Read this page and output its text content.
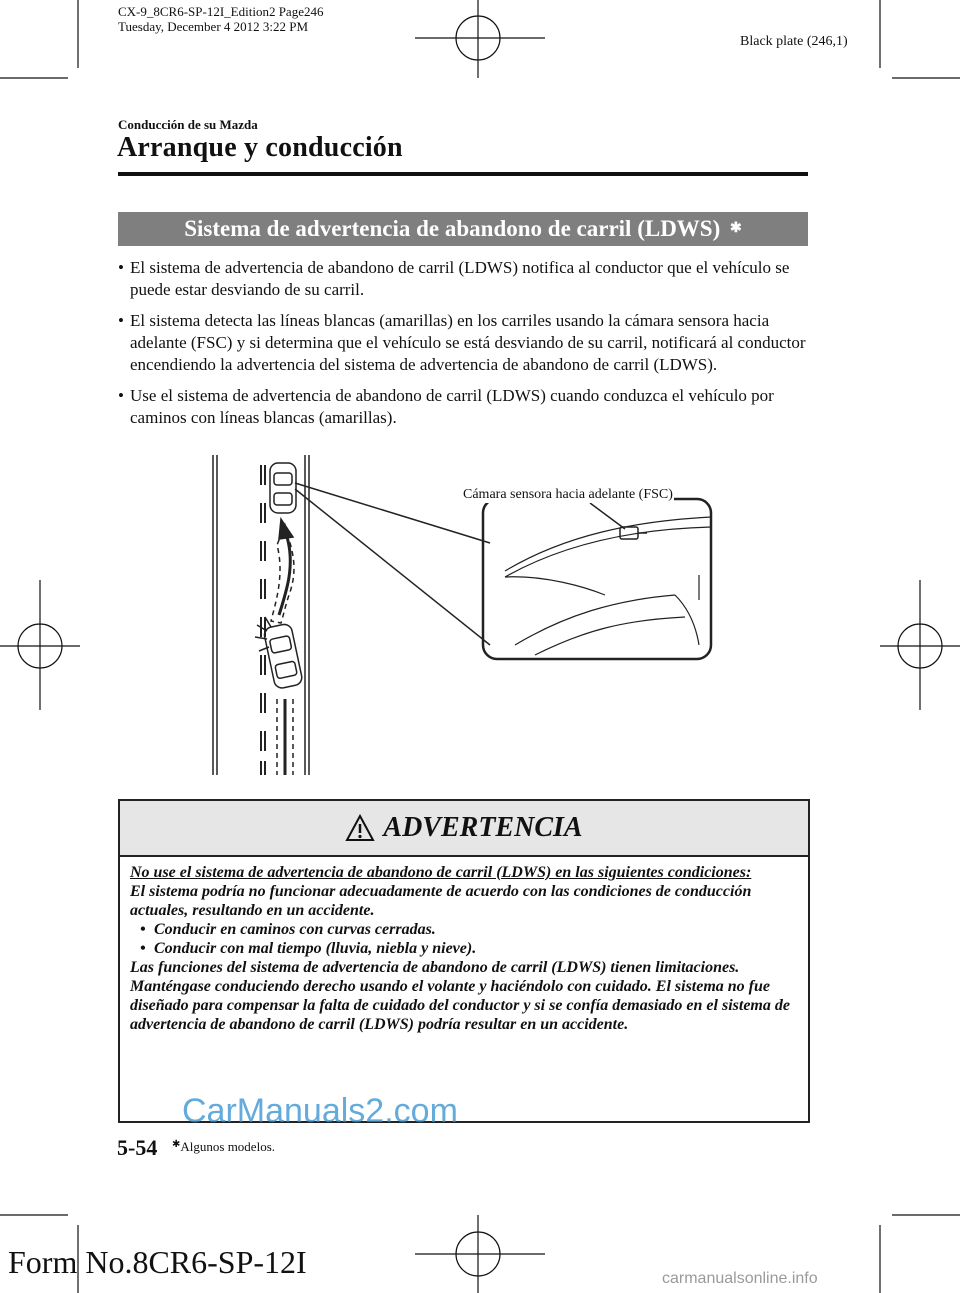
CX-9_8CR6-SP-12I_Edition2 Page246
Tuesday, December 4 2012 3:22 PM
Black plate (246,1)
Conducción de su Mazda
Arranque y conducción
Sistema de advertencia de abandono de carril (LDWS) ✱
• El sistema de advertencia de abandono de carril (LDWS) notifica al conductor que el vehículo se puede estar desviando de su carril.
• El sistema detecta las líneas blancas (amarillas) en los carriles usando la cámara sensora hacia adelante (FSC) y si determina que el vehículo se está desviando de su carril, notificará al conductor encendiendo la advertencia del sistema de advertencia de abandono de carril (LDWS).
• Use el sistema de advertencia de abandono de carril (LDWS) cuando conduzca el vehículo por caminos con líneas blancas (amarillas).
Cámara sensora hacia adelante (FSC)
ADVERTENCIA
No use el sistema de advertencia de abandono de carril (LDWS) en las siguientes condiciones:
El sistema podría no funcionar adecuadamente de acuerdo con las condiciones de conducción actuales, resultando en un accidente.
• Conducir en caminos con curvas cerradas.
• Conducir con mal tiempo (lluvia, niebla y nieve).
Las funciones del sistema de advertencia de abandono de carril (LDWS) tienen limitaciones.
Manténgase conduciendo derecho usando el volante y haciéndolo con cuidado. El sistema no fue diseñado para compensar la falta de cuidado del conductor y si se confía demasiado en el sistema de advertencia de abandono de carril (LDWS) podría resultar en un accidente.
CarManuals2.com
5-54 ✱Algunos modelos.
Form No.8CR6-SP-12I	carmanualsonline.info
